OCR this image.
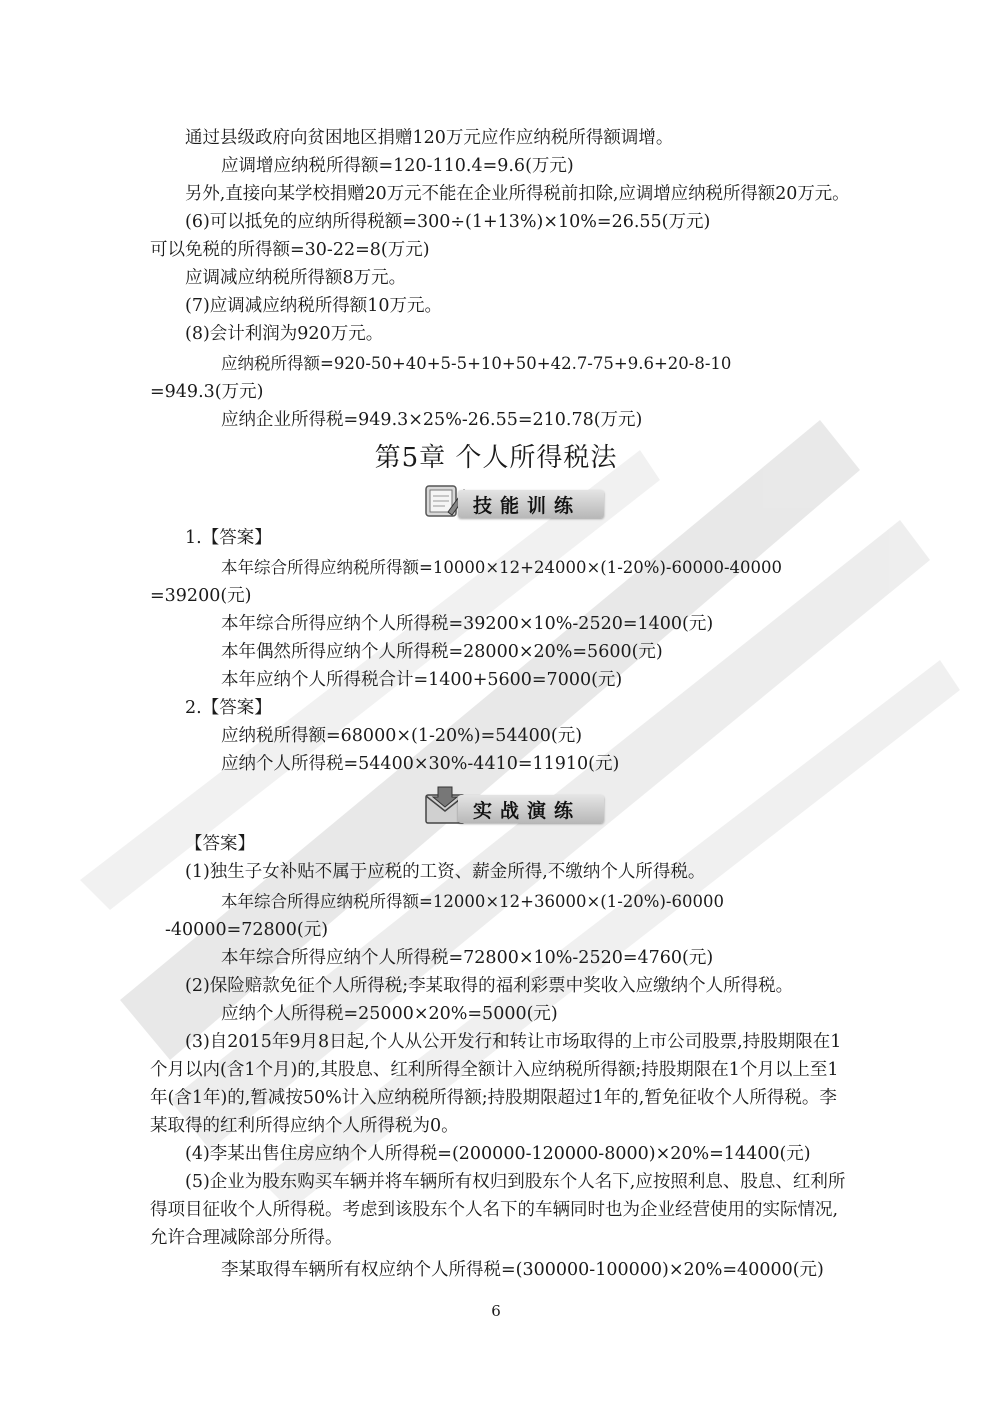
通过县级政府向贫困地区捐赠120万元应作应纳税所得额调增。
应调增应纳税所得额=120-110.4=9.6(万元)
另外,直接向某学校捐赠20万元不能在企业所得税前扣除,应调增应纳税所得额20万元。
(6)可以抵免的应纳所得税额=300÷(1+13%)×10%=26.55(万元)
可以免税的所得额=30-22=8(万元)
应调减应纳税所得额8万元。
(7)应调减应纳税所得额10万元。
(8)会计利润为920万元。
应纳税所得额=920-50+40+5-5+10+50+42.7-75+9.6+20-8-10
=949.3(万元)
应纳企业所得税=949.3×25%-26.55=210.78(万元)
第5章 个人所得税法
技能训练
1.【答案】
本年综合所得应纳税所得额=10000×12+24000×(1-20%)-60000-40000
=39200(元)
本年综合所得应纳个人所得税=39200×10%-2520=1400(元)
本年偶然所得应纳个人所得税=28000×20%=5600(元)
本年应纳个人所得税合计=1400+5600=7000(元)
2.【答案】
应纳税所得额=68000×(1-20%)=54400(元)
应纳个人所得税=54400×30%-4410=11910(元)
实战演练
【答案】
(1)独生子女补贴不属于应税的工资、薪金所得,不缴纳个人所得税。
本年综合所得应纳税所得额=12000×12+36000×(1-20%)-60000
-40000=72800(元)
本年综合所得应纳个人所得税=72800×10%-2520=4760(元)
(2)保险赔款免征个人所得税;李某取得的福利彩票中奖收入应缴纳个人所得税。
应纳个人所得税=25000×20%=5000(元)
(3)自2015年9月8日起,个人从公开发行和转让市场取得的上市公司股票,持股期限在1
个月以内(含1个月)的,其股息、红利所得全额计入应纳税所得额;持股期限在1个月以上至1
年(含1年)的,暂减按50%计入应纳税所得额;持股期限超过1年的,暂免征收个人所得税。李
某取得的红利所得应纳个人所得税为0。
(4)李某出售住房应纳个人所得税=(200000-120000-8000)×20%=14400(元)
(5)企业为股东购买车辆并将车辆所有权归到股东个人名下,应按照利息、股息、红利所
得项目征收个人所得税。考虑到该股东个人名下的车辆同时也为企业经营使用的实际情况,
允许合理减除部分所得。
李某取得车辆所有权应纳个人所得税=(300000-100000)×20%=40000(元)
6
